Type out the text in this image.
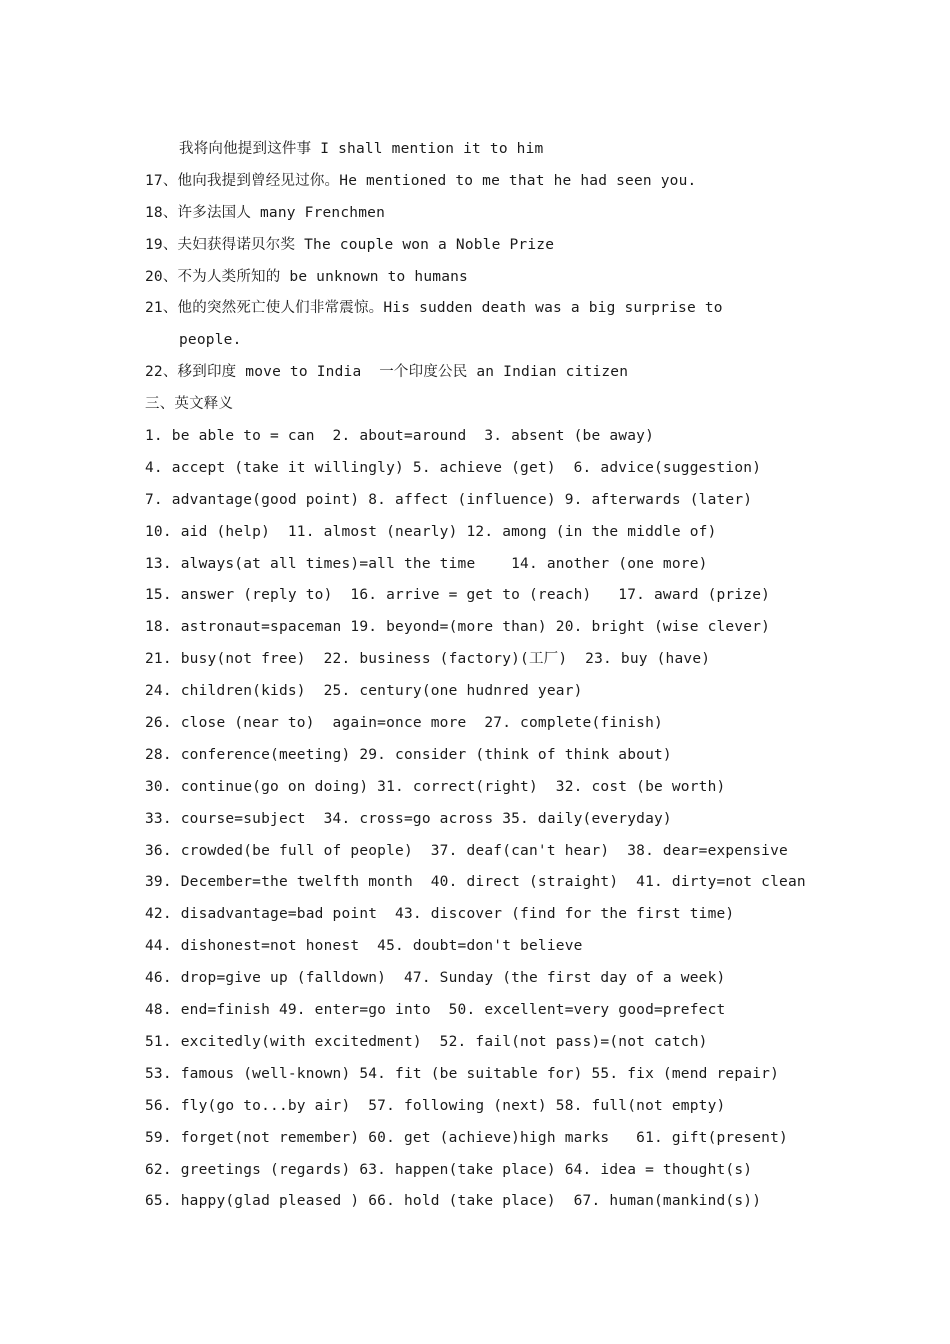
我将向他提到这件事 I shall mention it to him
17、他向我提到曾经见过你。He mentioned to me that he had seen you.
18、许多法国人 many Frenchmen
19、夫妇获得诺贝尔奖 The couple won a Noble Prize
20、不为人类所知的 be unknown to humans
21、他的突然死亡使人们非常震惊。His sudden death was a big surprise to
people.
22、移到印度 move to India  一个印度公民 an Indian citizen
三、英文释义
1. be able to = can  2. about=around  3. absent (be away)
4. accept (take it willingly) 5. achieve (get)  6. advice(suggestion)
7. advantage(good point) 8. affect (influence) 9. afterwards (later)
10. aid (help)  11. almost (nearly) 12. among (in the middle of)
13. always(at all times)=all the time    14. another (one more)
15. answer (reply to)  16. arrive = get to (reach)   17. award (prize)
18. astronaut=spaceman 19. beyond=(more than) 20. bright (wise clever)
21. busy(not free)  22. business (factory)(工厂)  23. buy (have)
24. children(kids)  25. century(one hudnred year)
26. close (near to)  again=once more  27. complete(finish)
28. conference(meeting) 29. consider (think of think about)
30. continue(go on doing) 31. correct(right)  32. cost (be worth)
33. course=subject  34. cross=go across 35. daily(everyday)
36. crowded(be full of people)  37. deaf(can't hear)  38. dear=expensive
39. December=the twelfth month  40. direct (straight)  41. dirty=not clean
42. disadvantage=bad point  43. discover (find for the first time)
44. dishonest=not honest  45. doubt=don't believe
46. drop=give up (falldown)  47. Sunday (the first day of a week)
48. end=finish 49. enter=go into  50. excellent=very good=prefect
51. excitedly(with excitedment)  52. fail(not pass)=(not catch)
53. famous (well-known) 54. fit (be suitable for) 55. fix (mend repair)
56. fly(go to...by air)  57. following (next) 58. full(not empty)
59. forget(not remember) 60. get (achieve)high marks   61. gift(present)
62. greetings (regards) 63. happen(take place) 64. idea = thought(s)
65. happy(glad pleased ) 66. hold (take place)  67. human(mankind(s))
